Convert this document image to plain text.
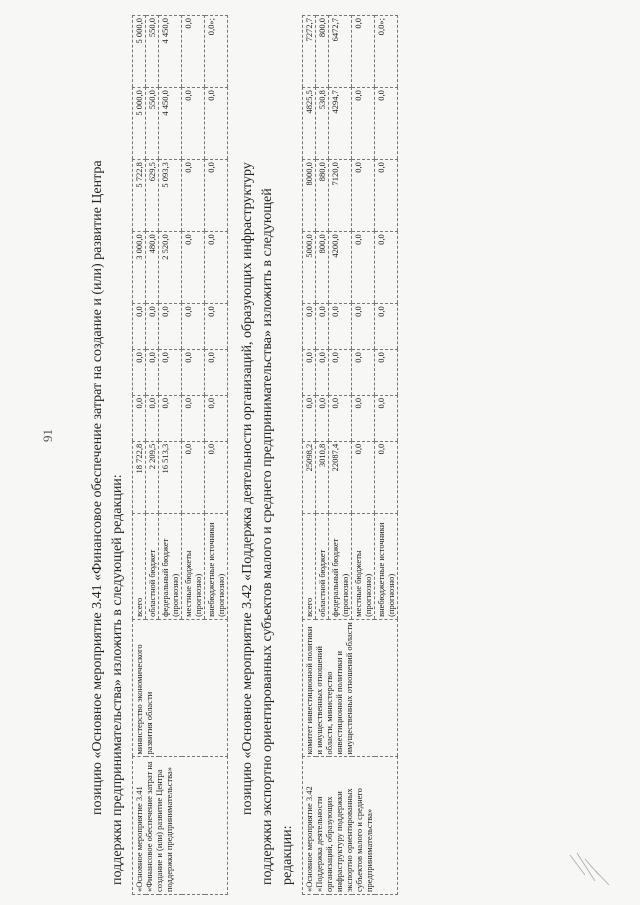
91	позицию «Основное мероприятие 3.41 «Финансовое обеспечение затрат на создание и (или) развитие Центра поддержки предпринимательства» изложить в следующей редакции:	«Основное мероприятие 3.41 «Финансовое обеспечение затрат на создание и (или) развитие Центра поддержки предпринимательства»	министерство экономического развития области	всего	18 722,8	0,0	0,0	0,0	3 000,0	5 722,8	5 000,0	5 000,0
		областной бюджет	2 209,5	0,0	0,0	0,0	480,0	629,5	550,0	550,0
		федеральный бюджет (прогнозно)	16 513,3	0,0	0,0	0,0	2 520,0	5 093,3	4 450,0	4 450,0
		местные бюджеты (прогнозно)	0,0	0,0	0,0	0,0	0,0	0,0	0,0	0,0
		внебюджетные источники (прогнозно)	0,0	0,0	0,0	0,0	0,0	0,0	0,0	0,0»;

позицию «Основное мероприятие 3.42 «Поддержка деятельности организаций, образующих инфраструктуру поддержки экспортно ориентированных субъектов малого и среднего предпринимательства» изложить в следующей редакции:	«Основное мероприятие 3.42 «Поддержка деятельности организаций, образующих инфраструктуру поддержки экспортно ориентированных субъектов малого и среднего предпринимательства»	комитет инвестиционной политики и имущественных отношений области, министерство инвестиционной политики и имущественных отношений области	всего	25098,2	0,0	0,0	0,0	5000,0	8000,0	4825,5	7272,7
		областной бюджет	3010,8	0,0	0,0	0,0	800,0	880,0	530,8	800,0
		федеральный бюджет (прогнозно)	22087,4	0,0	0,0	0,0	4200,0	7120,0	4294,7	6472,7
		местные бюджеты (прогнозно)	0,0	0,0	0,0	0,0	0,0	0,0	0,0	0,0
		внебюджетные источники (прогнозно)	0,0	0,0	0,0	0,0	0,0	0,0	0,0	0,0»;
